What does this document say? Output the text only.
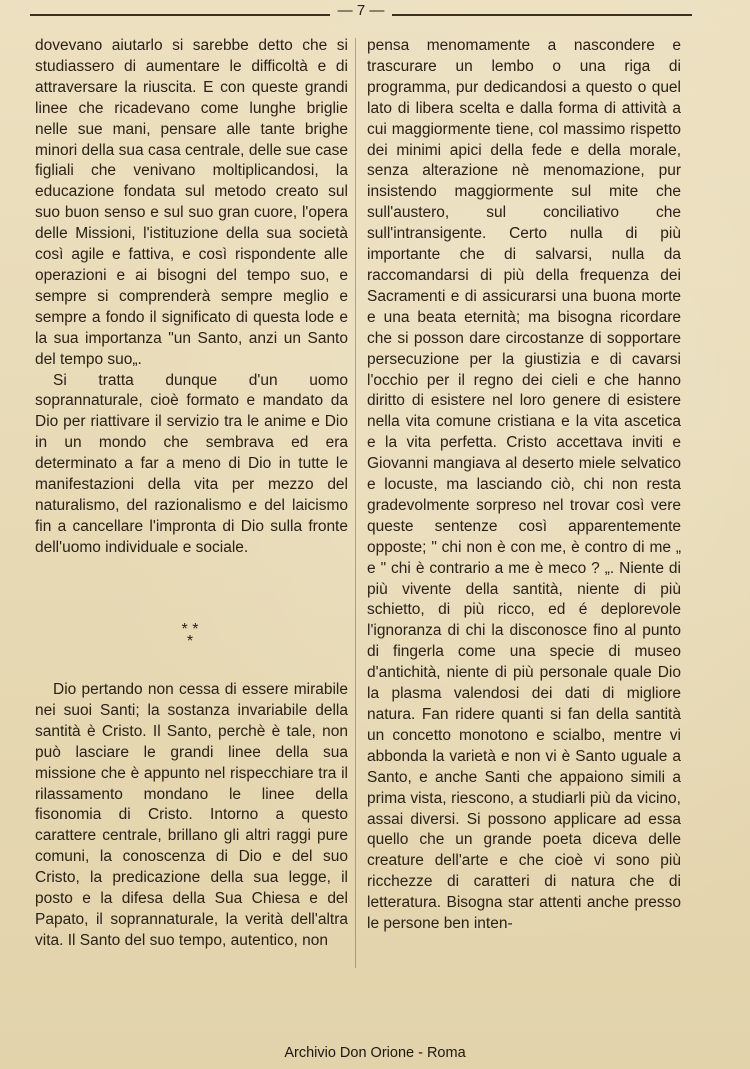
— 7 —

dovevano aiutarlo si sarebbe detto che si studiassero di aumentare le difficoltà e di attraversare la riuscita. E con queste grandi linee che ricadevano come lunghe briglie nelle sue mani, pensare alle tante brighe minori della sua casa centrale, delle sue case figliali che venivano moltiplicandosi, la educazione fondata sul metodo creato sul suo buon senso e sul suo gran cuore, l'opera delle Missioni, l'istituzione della sua società così agile e fattiva, e così rispondente alle operazioni e ai bisogni del tempo suo, e sempre si comprenderà sempre meglio e sempre a fondo il significato di questa lode e la sua importanza "un Santo, anzi un Santo del tempo suo„.

Si tratta dunque d'un uomo soprannaturale, cioè formato e mandato da Dio per riattivare il servizio tra le anime e Dio in un mondo che sembrava ed era determinato a far a meno di Dio in tutte le manifestazioni della vita per mezzo del naturalismo, del razionalismo e del laicismo fin a cancellare l'impronta di Dio sulla fronte dell'uomo individuale e sociale.

* *
*

Dio pertando non cessa di essere mirabile nei suoi Santi; la sostanza invariabile della santità è Cristo. Il Santo, perchè è tale, non può lasciare le grandi linee della sua missione che è appunto nel rispecchiare tra il rilassamento mondano le linee della fisonomia di Cristo. Intorno a questo carattere centrale, brillano gli altri raggi pure comuni, la conoscenza di Dio e del suo Cristo, la predicazione della sua legge, il posto e la difesa della Sua Chiesa e del Papato, il soprannaturale, la verità dell'altra vita. Il Santo del suo tempo, autentico, non

pensa menomamente a nascondere e trascurare un lembo o una riga di programma, pur dedicandosi a questo o quel lato di libera scelta e dalla forma di attività a cui maggiormente tiene, col massimo rispetto dei minimi apici della fede e della morale, senza alterazione nè menomazione, pur insistendo maggiormente sul mite che sull'austero, sul conciliativo che sull'intransigente. Certo nulla di più importante che di salvarsi, nulla da raccomandarsi di più della frequenza dei Sacramenti e di assicurarsi una buona morte e una beata eternità; ma bisogna ricordare che si posson dare circostanze di sopportare persecuzione per la giustizia e di cavarsi l'occhio per il regno dei cieli e che hanno diritto di esistere nel loro genere di esistere nella vita comune cristiana e la vita ascetica e la vita perfetta. Cristo accettava inviti e Giovanni mangiava al deserto miele selvatico e locuste, ma lasciando ciò, chi non resta gradevolmente sorpreso nel trovar così vere queste sentenze così apparentemente opposte; " chi non è con me, è contro di me „ e " chi è contrario a me è meco ? „. Niente di più vivente della santità, niente di più schietto, di più ricco, ed é deplorevole l'ignoranza di chi la disconosce fino al punto di fingerla come una specie di museo d'antichità, niente di più personale quale Dio la plasma valendosi dei dati di migliore natura. Fan ridere quanti si fan della santità un concetto monotono e scialbo, mentre vi abbonda la varietà e non vi è Santo uguale a Santo, e anche Santi che appaiono simili a prima vista, riescono, a studiarli più da vicino, assai diversi. Si possono applicare ad essa quello che un grande poeta diceva delle creature dell'arte e che cioè vi sono più ricchezze di caratteri di natura che di letteratura. Bisogna star attenti anche presso le persone ben inten-

Archivio Don Orione - Roma
